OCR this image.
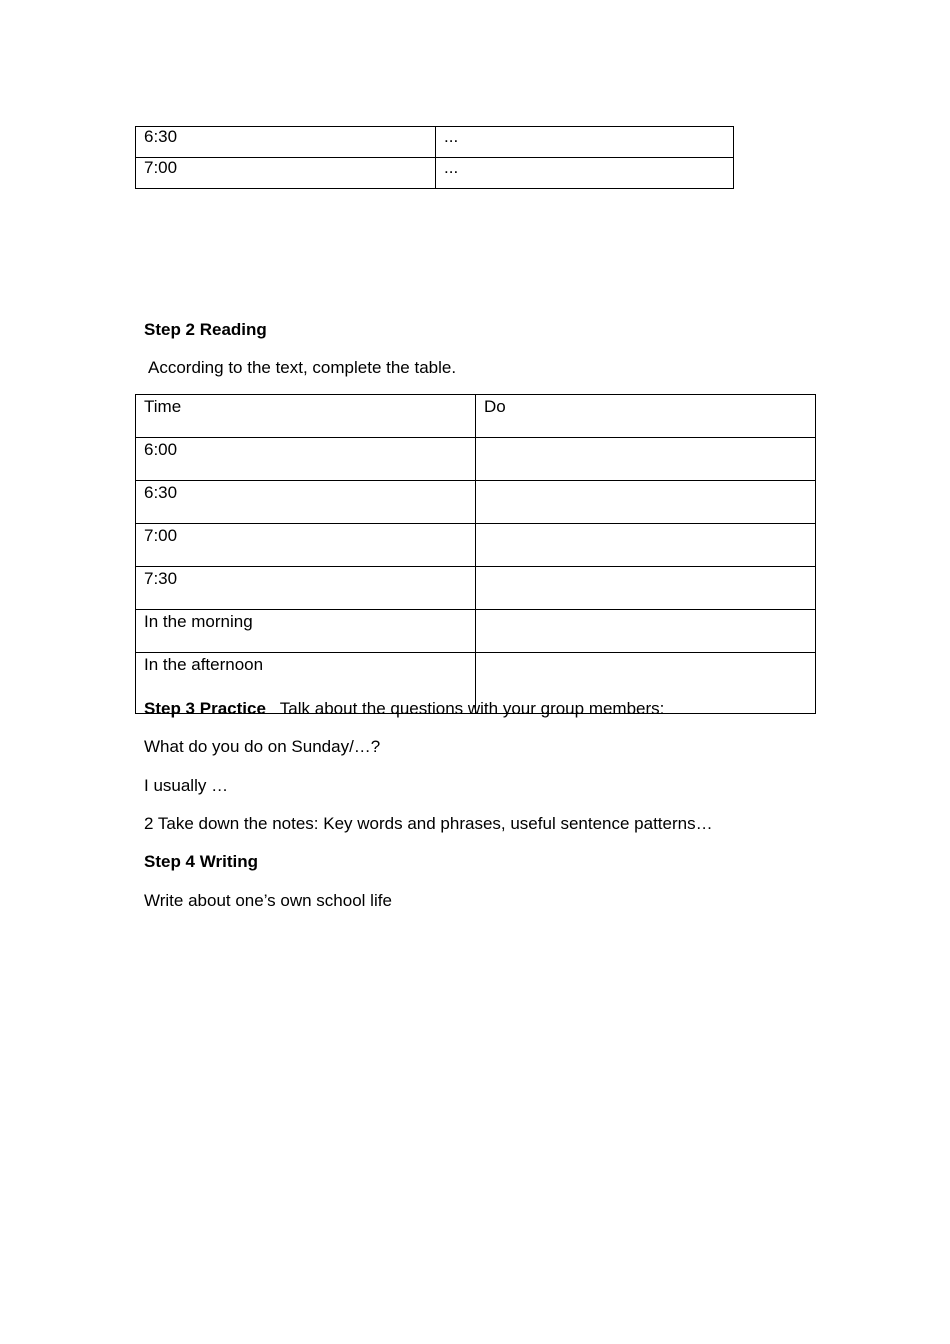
6:30	...
7:00	...
Step 2 Reading
According to the text, complete the table.
Time	Do
6:00	
6:30	
7:00	
7:30	
In the morning	
In the afternoon	
Step 3 Practice Talk about the questions with your group members:
What do you do on Sunday/…?
I usually …
2 Take down the notes: Key words and phrases, useful sentence patterns…
Step 4 Writing
Write about one’s own school life
